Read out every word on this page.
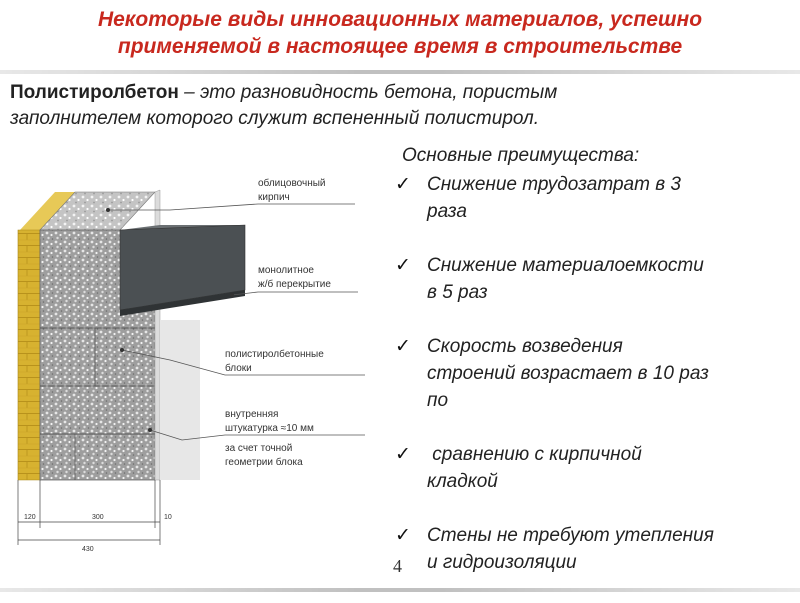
Некоторые виды инновационных материалов, успешно
применяемой в настоящее время в строительстве
Полистиролбетон – это разновидность бетона, пористым
заполнителем которого служит вспененный полистирол.
облицовочный
кирпич
монолитное
ж/б перекрытие
полистиролбетонные
блоки
внутренняя
штукатурка ≈10 мм
за счет точной
геометрии блока
120	300	10
430
Основные преимущества:
✓ Снижение трудозатрат в 3
раза
✓ Снижение материалоемкости
в 5 раз
✓ Скорость возведения
строений возрастает в 10 раз
по
✓ сравнению с кирпичной
кладкой
✓ Стены не требуют утепления
и гидроизоляции
4
